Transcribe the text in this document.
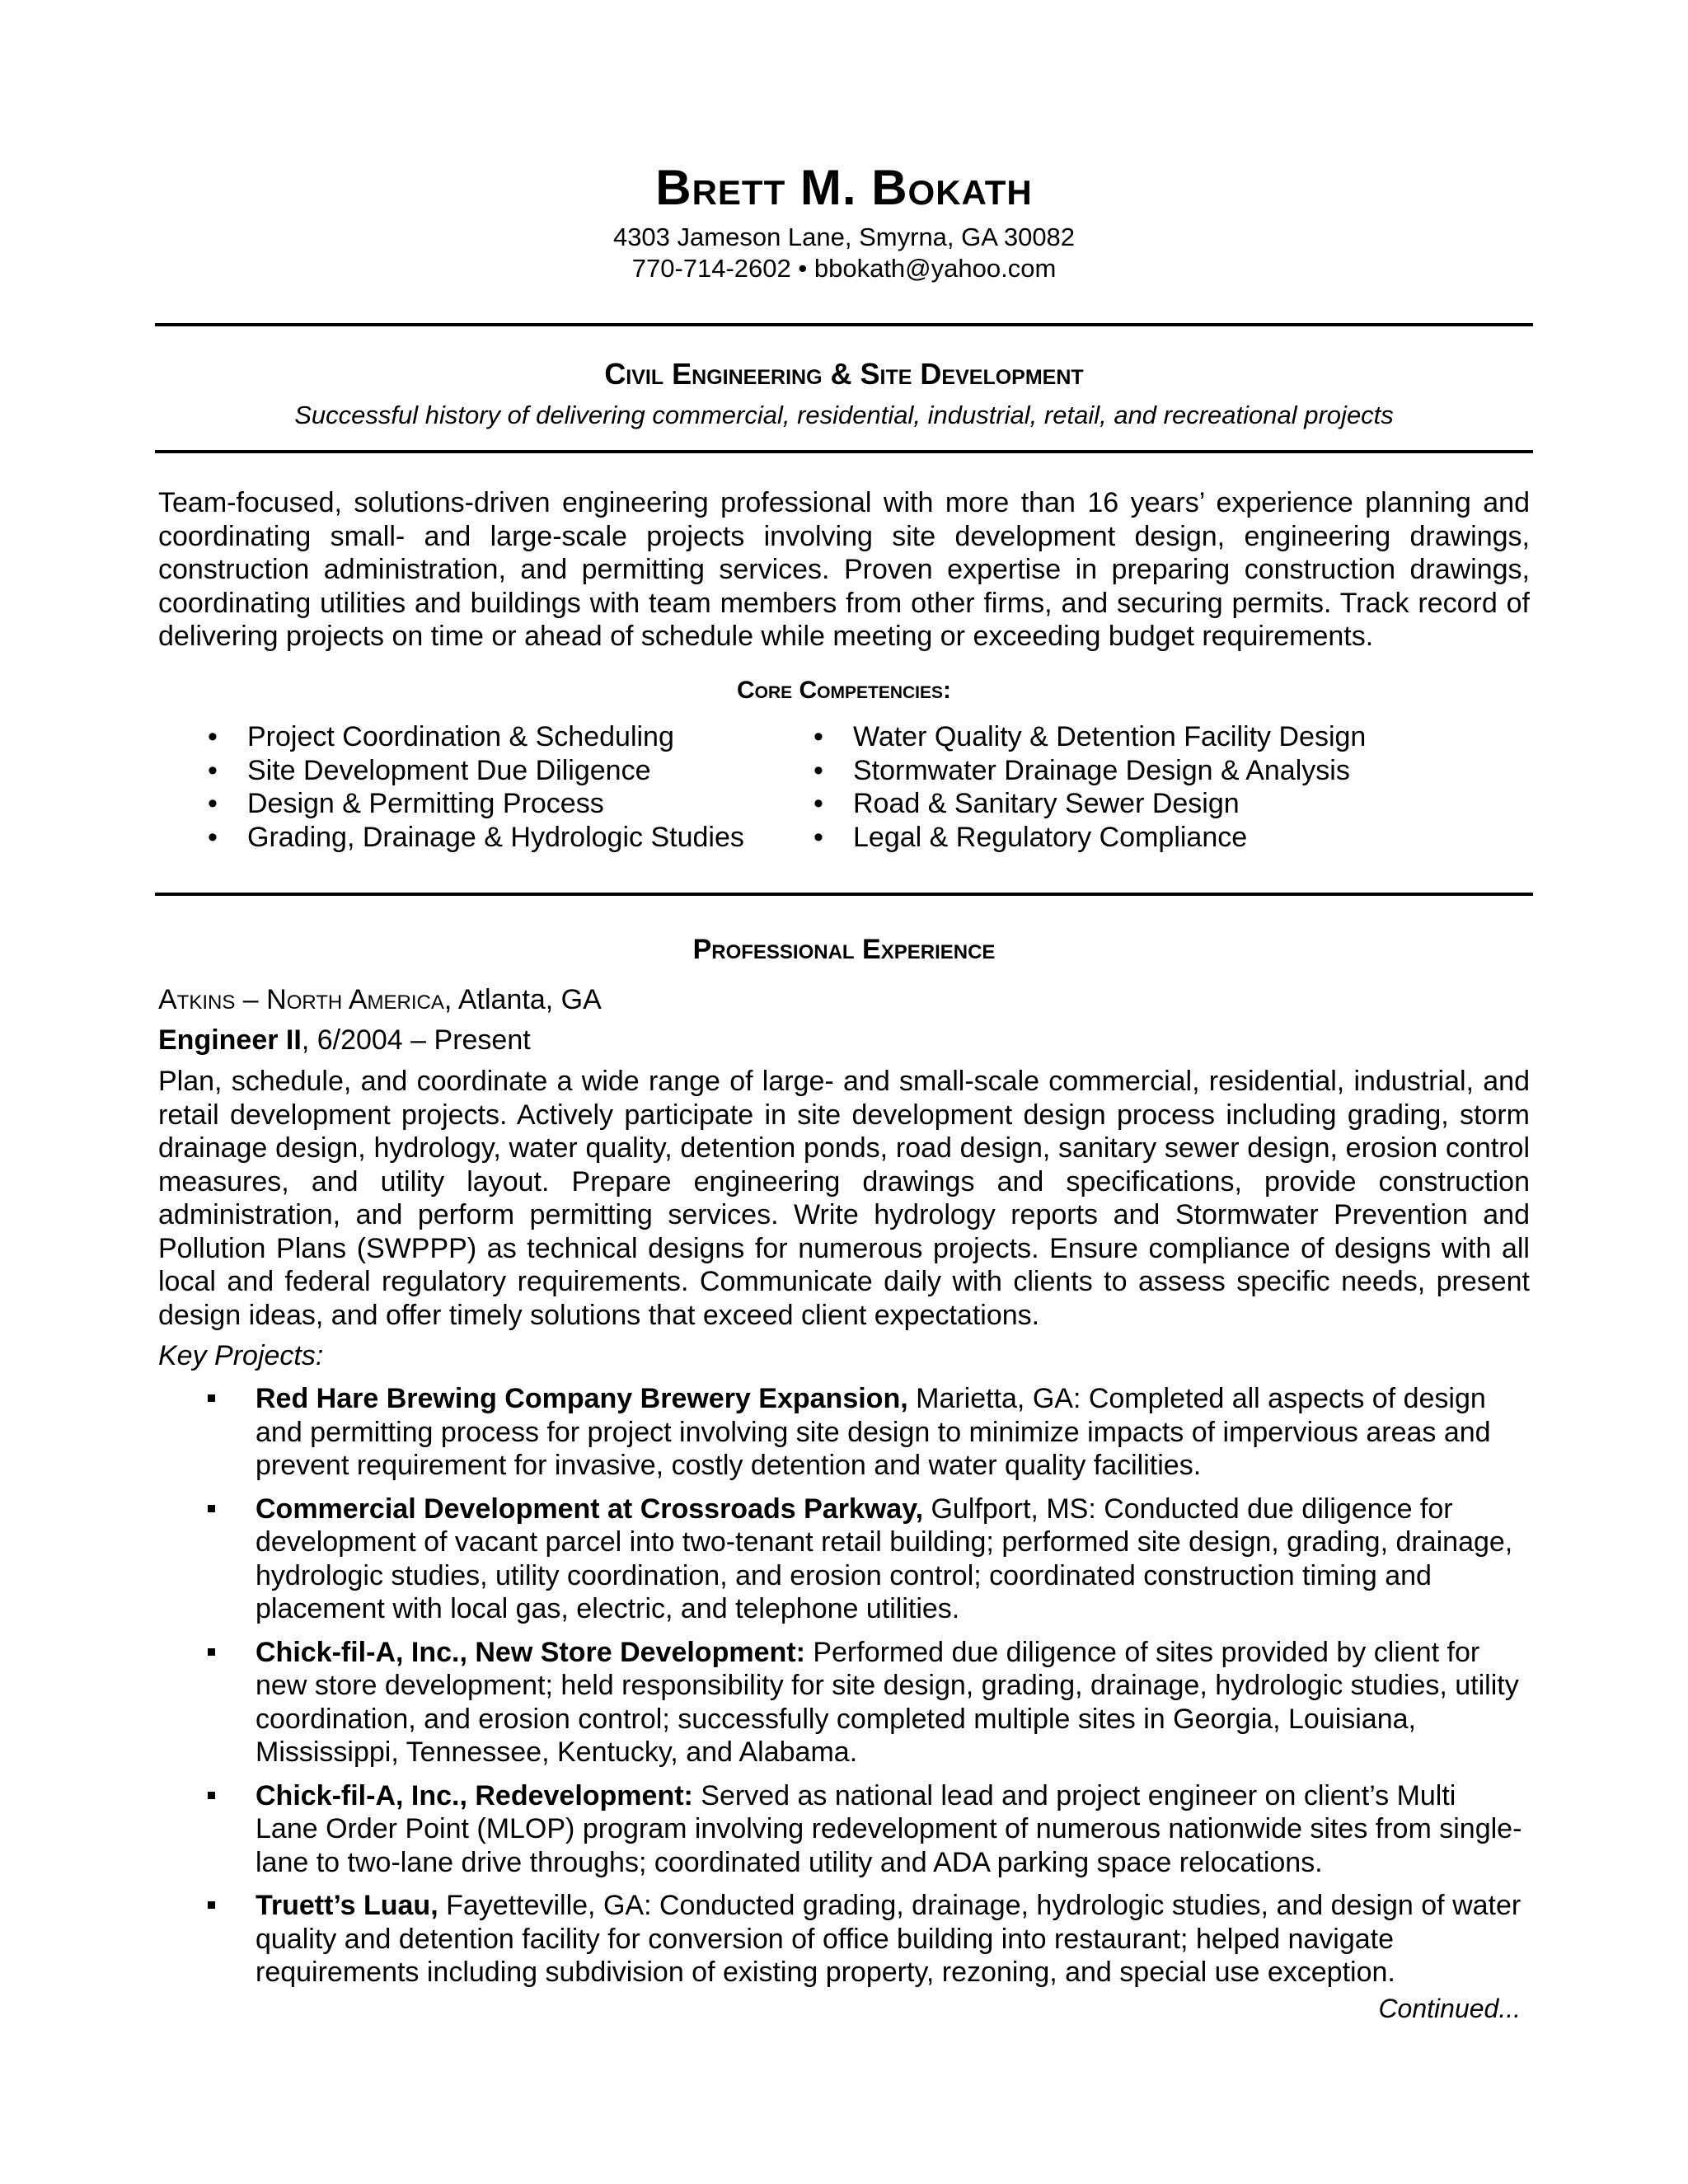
Brett M. Bokath
4303 Jameson Lane, Smyrna, GA 30082
770-714-2602 • bbokath@yahoo.com
Civil Engineering & Site Development
Successful history of delivering commercial, residential, industrial, retail, and recreational projects

Team-focused, solutions-driven engineering professional with more than 16 years’ experience planning and coordinating small- and large-scale projects involving site development design, engineering drawings, construction administration, and permitting services. Proven expertise in preparing construction drawings, coordinating utilities and buildings with team members from other firms, and securing permits. Track record of delivering projects on time or ahead of schedule while meeting or exceeding budget requirements.

Core Competencies:
• Project Coordination & Scheduling
• Site Development Due Diligence
• Design & Permitting Process
• Grading, Drainage & Hydrologic Studies
• Water Quality & Detention Facility Design
• Stormwater Drainage Design & Analysis
• Road & Sanitary Sewer Design
• Legal & Regulatory Compliance
Professional Experience
Atkins – North America, Atlanta, GA
Engineer II, 6/2004 – Present

Plan, schedule, and coordinate a wide range of large- and small-scale commercial, residential, industrial, and retail development projects. Actively participate in site development design process including grading, storm drainage design, hydrology, water quality, detention ponds, road design, sanitary sewer design, erosion control measures, and utility layout. Prepare engineering drawings and specifications, provide construction administration, and perform permitting services. Write hydrology reports and Stormwater Prevention and Pollution Plans (SWPPP) as technical designs for numerous projects. Ensure compliance of designs with all local and federal regulatory requirements. Communicate daily with clients to assess specific needs, present design ideas, and offer timely solutions that exceed client expectations.

Key Projects:
Red Hare Brewing Company Brewery Expansion, Marietta, GA: Completed all aspects of design and permitting process for project involving site design to minimize impacts of impervious areas and prevent requirement for invasive, costly detention and water quality facilities.
Commercial Development at Crossroads Parkway, Gulfport, MS: Conducted due diligence for development of vacant parcel into two-tenant retail building; performed site design, grading, drainage, hydrologic studies, utility coordination, and erosion control; coordinated construction timing and placement with local gas, electric, and telephone utilities.
Chick-fil-A, Inc., New Store Development: Performed due diligence of sites provided by client for new store development; held responsibility for site design, grading, drainage, hydrologic studies, utility coordination, and erosion control; successfully completed multiple sites in Georgia, Louisiana, Mississippi, Tennessee, Kentucky, and Alabama.
Chick-fil-A, Inc., Redevelopment: Served as national lead and project engineer on client’s Multi Lane Order Point (MLOP) program involving redevelopment of numerous nationwide sites from single-lane to two-lane drive throughs; coordinated utility and ADA parking space relocations.
Truett’s Luau, Fayetteville, GA: Conducted grading, drainage, hydrologic studies, and design of water quality and detention facility for conversion of office building into restaurant; helped navigate requirements including subdivision of existing property, rezoning, and special use exception.
Continued...
